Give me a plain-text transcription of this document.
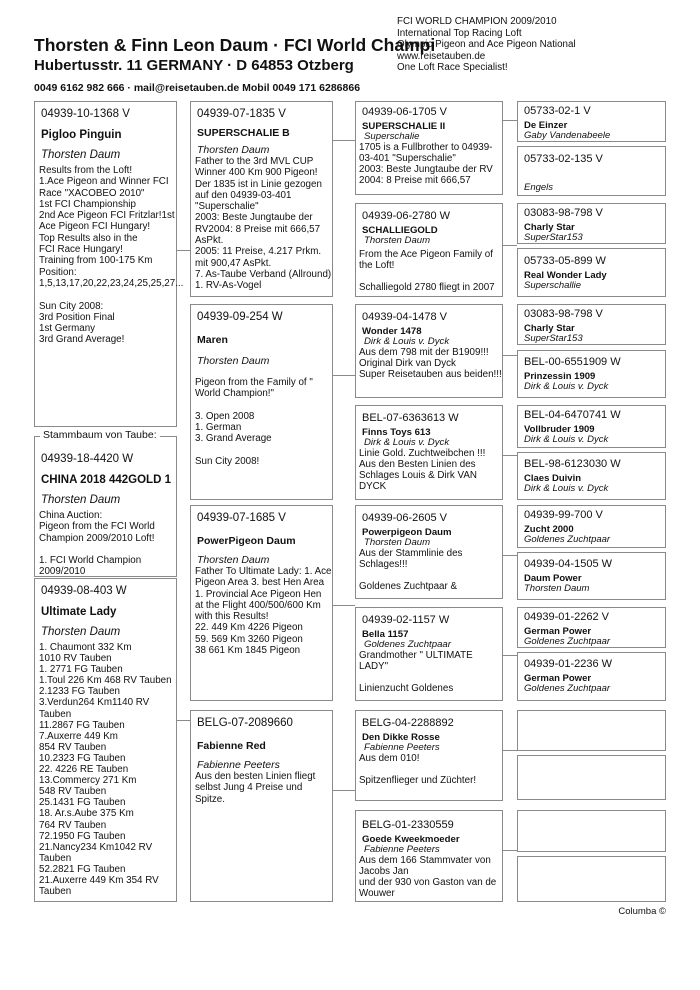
Thorsten & Finn Leon Daum · FCI World Champi
Hubertusstr. 11 GERMANY · D 64853 Otzberg
0049 6162 982 666 · mail@reisetauben.de Mobil 0049 171 6286866
FCI WORLD CHAMPION 2009/2010
International Top Racing Loft
Olympic Pigeon and Ace Pigeon National
www.reisetauben.de
One Loft Race Specialist!
04939-10-1368 V
Pigloo Pinguin
Thorsten Daum
Results from the Loft!
1.Ace Pigeon and Winner FCI Race "XACOBEO 2010"
1st FCI Championship
2nd Ace Pigeon FCI Fritzlar!1st Ace Pigeon FCI Hungary!
Top Results also in the
FCI Race Hungary!
Training from 100-175 Km
Position:
1,5,13,17,20,22,23,24,25,25,27...

Sun City 2008:
3rd Position Final
1st Germany
3rd Grand Average!
04939-18-4420 W
CHINA 2018 442GOLD 1
Thorsten Daum
China Auction:
Pigeon from the FCI World Champion 2009/2010 Loft!

1. FCI World Champion 2009/2010
Stammbaum von Taube:
04939-08-403 W
Ultimate Lady
Thorsten Daum
1. Chaumont 332 Km
1010 RV Tauben
1. 2771 FG Tauben
1.Toul 226 Km 468 RV Tauben
2.1233 FG Tauben
3.Verdun264 Km1140 RV Tauben
11.2867 FG Tauben
7.Auxerre 449 Km
854 RV Tauben
10.2323 FG Tauben
22. 4226 RE Tauben
13.Commercy 271 Km
548 RV Tauben
25.1431 FG Tauben
18. Ar.s.Aube 375 Km
764 RV Tauben
72.1950 FG Tauben
21.Nancy234 Km1042 RV Tauben
52.2821 FG Tauben
21.Auxerre 449 Km 354 RV Tauben
04939-07-1835 V
SUPERSCHALIE B
Thorsten Daum
Father to the 3rd MVL CUP Winner 400 Km 900 Pigeon!
Der 1835 ist in Linie gezogen auf den 04939-03-401 "Superschalie"
2003: Beste Jungtaube der RV2004: 8 Preise mit 666,57 AsPkt.
2005: 11 Preise, 4.217 Prkm. mit 900,47 AsPkt.
7. As-Taube Verband (Allround)
1. RV-As-Vogel
04939-09-254 W
Maren
Thorsten Daum
Pigeon from the Family of " World Champion!"

3. Open 2008
1. German
3. Grand Average

Sun City 2008!
04939-07-1685 V
PowerPigeon Daum
Thorsten Daum
Father To Ultimate Lady: 1. Ace Pigeon Area 3. best Hen Area
1. Provincial Ace Pigeon Hen at the Flight 400/500/600 Km with this Results!
22. 449 Km 4226 Pigeon
59. 569 Km 3260 Pigeon
38 661 Km 1845 Pigeon
BELG-07-2089660
Fabienne Red
Fabienne Peeters
Aus den besten Linien fliegt selbst Jung 4 Preise und Spitze.
04939-06-1705 V
SUPERSCHALIE II
Superschalie
1705 is a Fullbrother to 04939-03-401 "Superschalie"
2003: Beste Jungtaube der RV
2004: 8 Preise mit 666,57
04939-06-2780 W
SCHALLIEGOLD
Thorsten Daum
From the Ace Pigeon Family of the Loft!

Schalliegold 2780 fliegt in 2007
04939-04-1478 V
Wonder 1478
Dirk & Louis v. Dyck
Aus dem 798 mit der B1909!!!
Original Dirk van Dyck
Super Reisetauben aus beiden!!!
BEL-07-6363613 W
Finns Toys 613
Dirk & Louis v. Dyck
Linie Gold. Zuchtweibchen !!!
Aus den Besten Linien des Schlages Louis & Dirk VAN DYCK
04939-06-2605 V
Powerpigeon Daum
Thorsten Daum
Aus der Stammlinie des Schlages!!!

Goldenes Zuchtpaar &
04939-02-1157 W
Bella 1157
Goldenes Zuchtpaar
Grandmother " ULTIMATE LADY"

Linienzucht Goldenes
BELG-04-2288892
Den Dikke Rosse
Fabienne Peeters
Aus dem 010!

Spitzenflieger und Züchter!
BELG-01-2330559
Goede Kweekmoeder
Fabienne Peeters
Aus dem 166 Stammvater von Jacobs Jan
und der 930 von Gaston van de Wouwer
05733-02-1 V
De Einzer
Gaby Vandenabeele
05733-02-135 V
Engels
03083-98-798 V
Charly Star
SuperStar153
05733-05-899 W
Real Wonder Lady
Superschallie
03083-98-798 V
Charly Star
SuperStar153
BEL-00-6551909 W
Prinzessin 1909
Dirk & Louis v. Dyck
BEL-04-6470741 W
Vollbruder 1909
Dirk & Louis v. Dyck
BEL-98-6123030 W
Claes Duivin
Dirk & Louis v. Dyck
04939-99-700 V
Zucht 2000
Goldenes Zuchtpaar
04939-04-1505 W
Daum Power
Thorsten Daum
04939-01-2262 V
German Power
Goldenes Zuchtpaar
04939-01-2236 W
German Power
Goldenes Zuchtpaar
Columba ©
